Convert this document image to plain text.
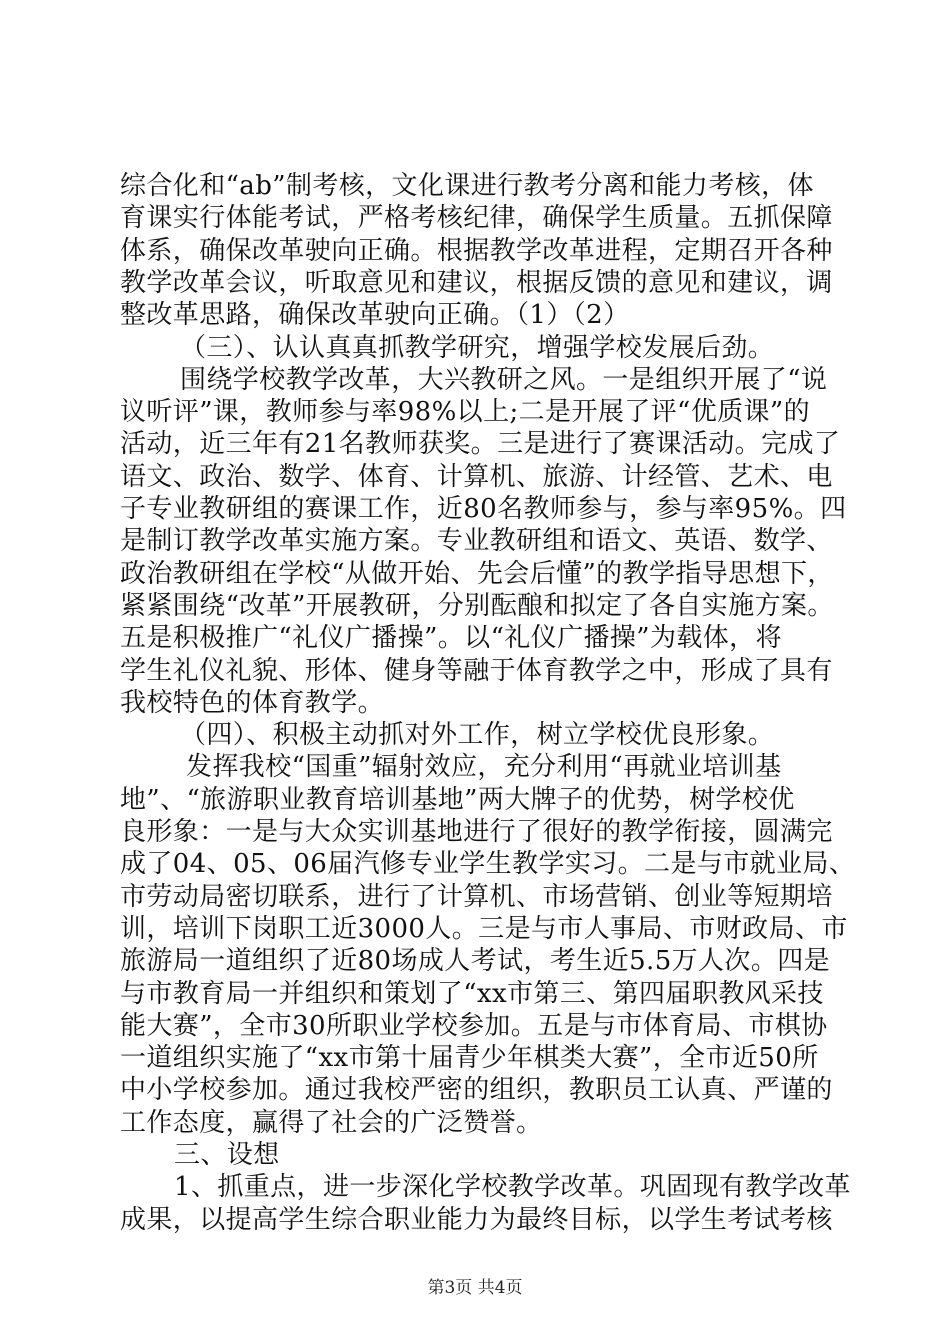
综合化和“ab”制考核，文化课进行教考分离和能力考核，体
育课实行体能考试，严格考核纪律，确保学生质量。五抓保障
体系，确保改革驶向正确。根据教学改革进程，定期召开各种
教学改革会议，听取意见和建议，根据反馈的意见和建议，调
整改革思路，确保改革驶向正确。（1）（2）
（三）、认认真真抓教学研究，增强学校发展后劲。
围绕学校教学改革，大兴教研之风。一是组织开展了“说
议听评”课，教师参与率98%以上;二是开展了评“优质课”的
活动，近三年有21名教师获奖。三是进行了赛课活动。完成了
语文、政治、数学、体育、计算机、旅游、计经管、艺术、电
子专业教研组的赛课工作，近80名教师参与，参与率95%。四
是制订教学改革实施方案。专业教研组和语文、英语、数学、
政治教研组在学校“从做开始、先会后懂”的教学指导思想下，
紧紧围绕“改革”开展教研，分别酝酿和拟定了各自实施方案。
五是积极推广“礼仪广播操”。以“礼仪广播操”为载体，将
学生礼仪礼貌、形体、健身等融于体育教学之中，形成了具有
我校特色的体育教学。
（四）、积极主动抓对外工作，树立学校优良形象。
发挥我校“国重”辐射效应，充分利用“再就业培训基
地”、“旅游职业教育培训基地”两大牌子的优势，树学校优
良形象：一是与大众实训基地进行了很好的教学衔接，圆满完
成了04、05、06届汽修专业学生教学实习。二是与市就业局、
市劳动局密切联系，进行了计算机、市场营销、创业等短期培
训，培训下岗职工近3000人。三是与市人事局、市财政局、市
旅游局一道组织了近80场成人考试，考生近5.5万人次。四是
与市教育局一并组织和策划了“xx市第三、第四届职教风采技
能大赛”，全市30所职业学校参加。五是与市体育局、市棋协
一道组织实施了“xx市第十届青少年棋类大赛”，全市近50所
中小学校参加。通过我校严密的组织，教职员工认真、严谨的
工作态度，赢得了社会的广泛赞誉。
三、设想
1、抓重点，进一步深化学校教学改革。巩固现有教学改革
成果，以提高学生综合职业能力为最终目标，以学生考试考核
第3页 共4页
